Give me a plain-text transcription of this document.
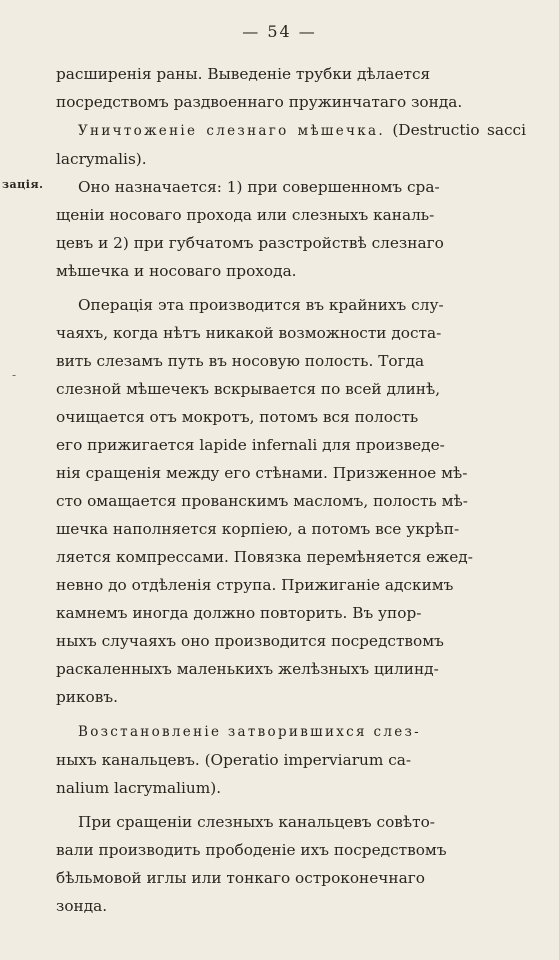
— 54 —
зацiя.
-

расширенiя раны. Выведенiе трубки дѣлается
посредствомъ раздвоеннаго пружинчатаго зонда.

Уничтоженiе слезнаго мѣшечка. (Destructio sacci lacrymalis).

Оно назначается: 1) при совершенномъ сра-
щенiи носоваго прохода или слезныхъ каналь-
цевъ и 2) при губчатомъ разстройствѣ слезнаго
мѣшечка и носоваго прохода.

Операцiя эта производится въ крайнихъ слу-
чаяхъ, когда нѣтъ никакой возможности доста-
вить слезамъ путь въ носовую полость. Тогда
слезной мѣшечекъ вскрывается по всей длинѣ,
очищается отъ мокротъ, потомъ вся полость
его прижигается lapide infernali для произведе-
нiя сращенiя между его стѣнами. Призженное мѣ-
сто омащается прованскимъ масломъ, полость мѣ-
шечка наполняется корпiею, а потомъ все укрѣп-
ляется компрессами. Повязка перемѣняется ежед-
невно до отдѣленiя струпа. Прижиганiе адскимъ
камнемъ иногда должно повторить. Въ упор-
ныхъ случаяхъ оно производится посредствомъ
раскаленныхъ маленькихъ желѣзныхъ цилинд-
риковъ.

Возстановленiе затворившихся слез-
ныхъ канальцевъ. (Operatio imperviarum ca-
nalium lacrymalium).

При сращенiи слезныхъ канальцевъ совѣто-
вали производить прободенiе ихъ посредствомъ
бѣльмовой иглы или тонкаго остроконечнаго
зонда.
